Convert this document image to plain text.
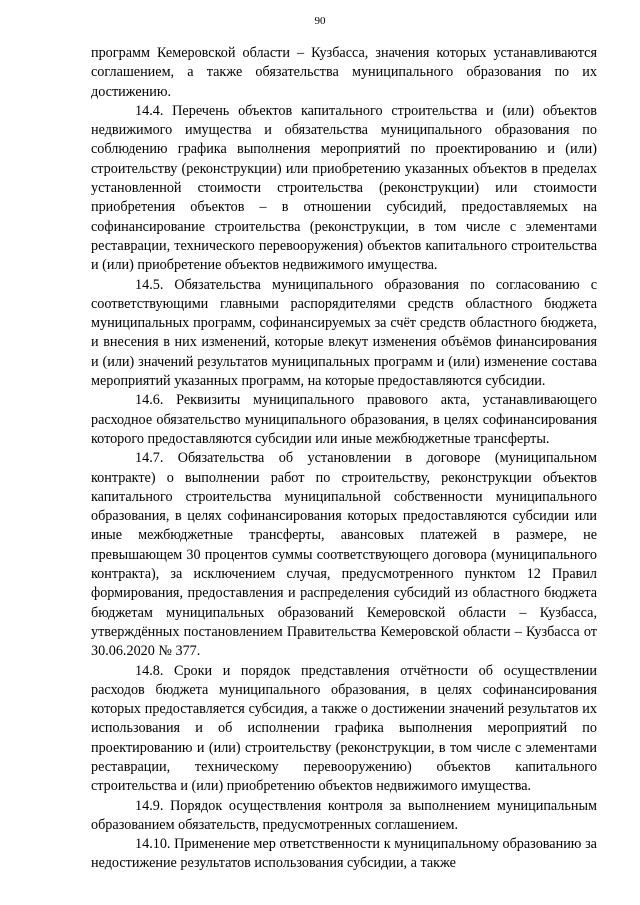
90

программ Кемеровской области – Кузбасса, значения которых устанавливаются соглашением, а также обязательства муниципального образования по их достижению.

14.4. Перечень объектов капитального строительства и (или) объектов недвижимого имущества и обязательства муниципального образования по соблюдению графика выполнения мероприятий по проектированию и (или) строительству (реконструкции) или приобретению указанных объектов в пределах установленной стоимости строительства (реконструкции) или стоимости приобретения объектов – в отношении субсидий, предоставляемых на софинансирование строительства (реконструкции, в том числе с элементами реставрации, технического перевооружения) объектов капитального строительства и (или) приобретение объектов недвижимого имущества.

14.5. Обязательства муниципального образования по согласованию с соответствующими главными распорядителями средств областного бюджета муниципальных программ, софинансируемых за счёт средств областного бюджета, и внесения в них изменений, которые влекут изменения объёмов финансирования и (или) значений результатов муниципальных программ и (или) изменение состава мероприятий указанных программ, на которые предоставляются субсидии.

14.6. Реквизиты муниципального правового акта, устанавливающего расходное обязательство муниципального образования, в целях софинансирования которого предоставляются субсидии или иные межбюджетные трансферты.

14.7. Обязательства об установлении в договоре (муниципальном контракте) о выполнении работ по строительству, реконструкции объектов капитального строительства муниципальной собственности муниципального образования, в целях софинансирования которых предоставляются субсидии или иные межбюджетные трансферты, авансовых платежей в размере, не превышающем 30 процентов суммы соответствующего договора (муниципального контракта), за исключением случая, предусмотренного пунктом 12 Правил формирования, предоставления и распределения субсидий из областного бюджета бюджетам муниципальных образований Кемеровской области – Кузбасса, утверждённых постановлением Правительства Кемеровской области – Кузбасса от 30.06.2020 № 377.

14.8. Сроки и порядок представления отчётности об осуществлении расходов бюджета муниципального образования, в целях софинансирования которых предоставляется субсидия, а также о достижении значений результатов их использования и об исполнении графика выполнения мероприятий по проектированию и (или) строительству (реконструкции, в том числе с элементами реставрации, техническому перевооружению) объектов капитального строительства и (или) приобретению объектов недвижимого имущества.

14.9. Порядок осуществления контроля за выполнением муниципальным образованием обязательств, предусмотренных соглашением.

14.10. Применение мер ответственности к муниципальному образованию за недостижение результатов использования субсидии, а также
